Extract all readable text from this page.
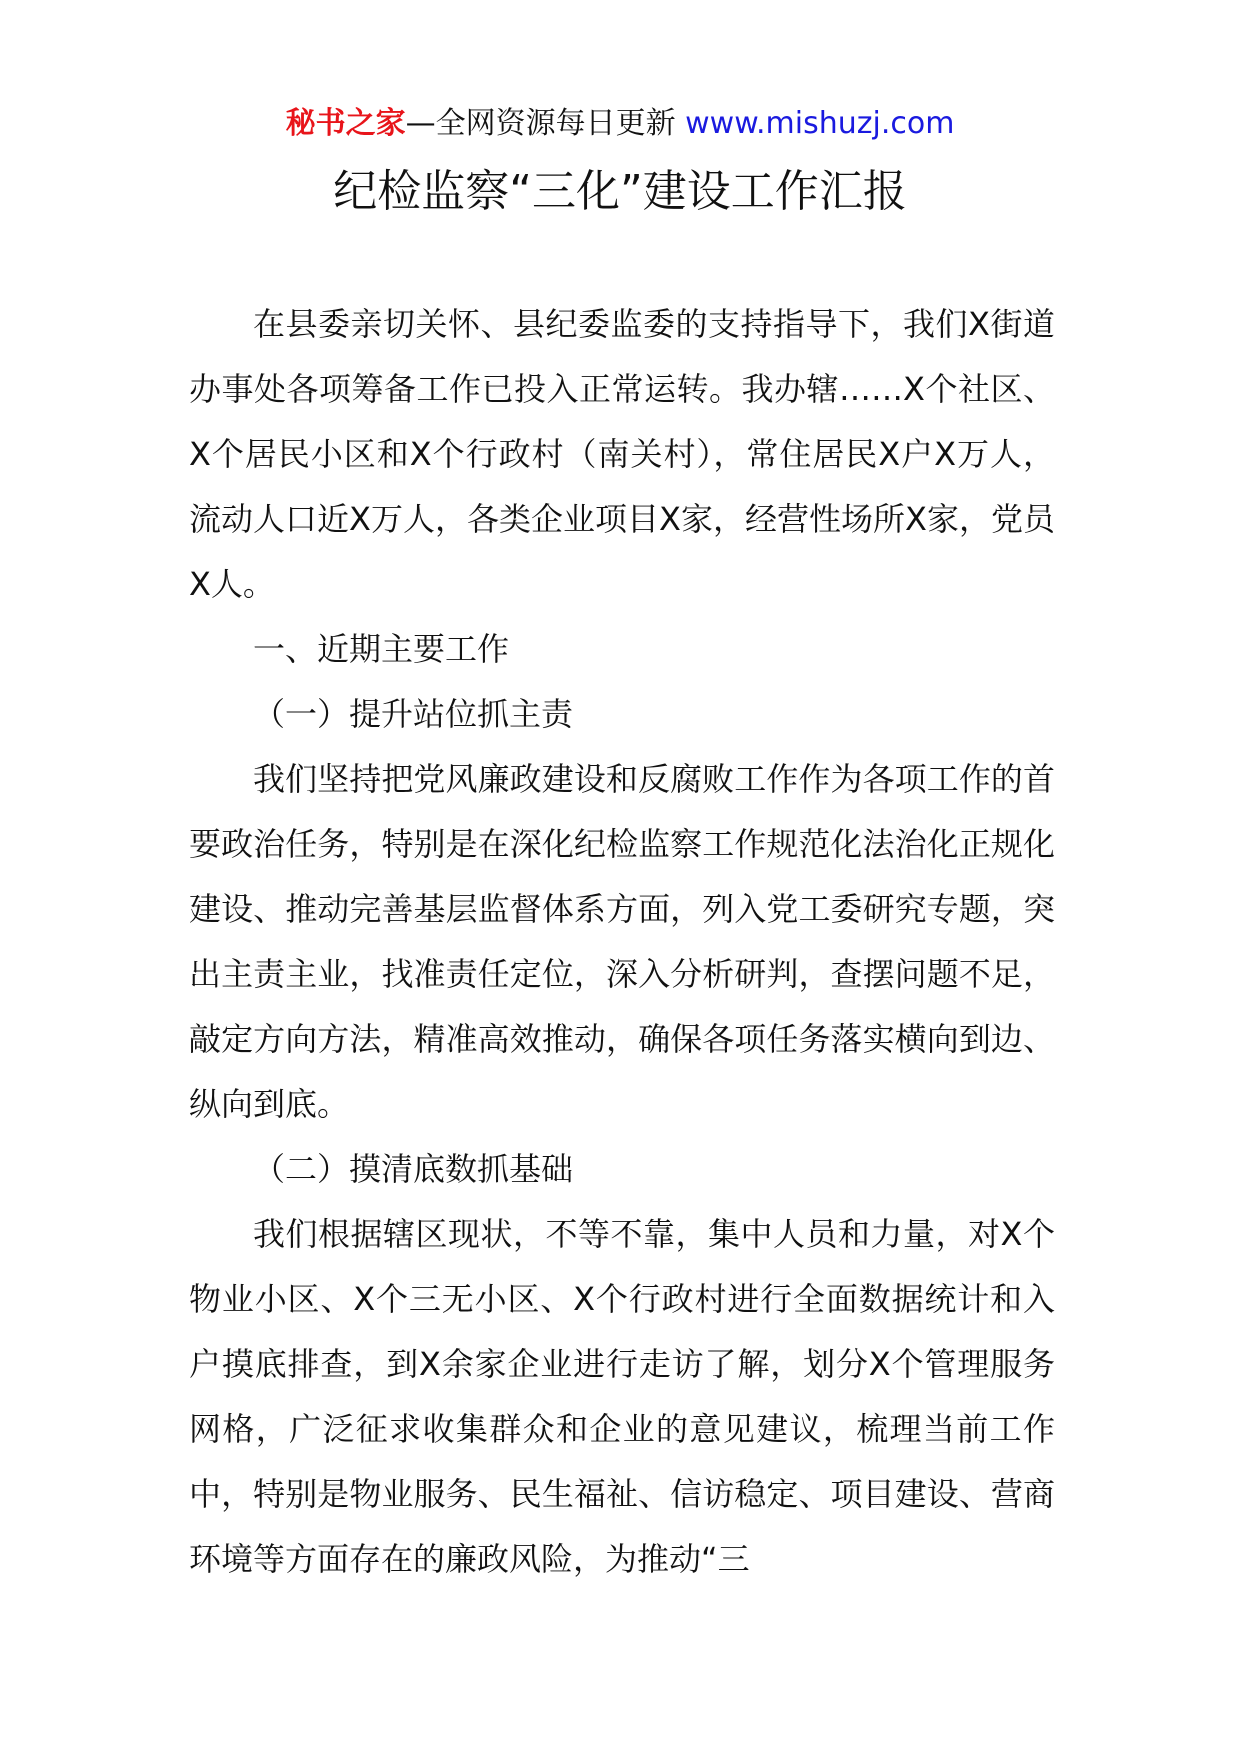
秘书之家—全网资源每日更新 www.mishuzj.com
纪检监察“三化”建设工作汇报

在县委亲切关怀、县纪委监委的支持指导下，我们X街道办事处各项筹备工作已投入正常运转。我办辖……X个社区、X个居民小区和X个行政村（南关村），常住居民X户X万人，流动人口近X万人，各类企业项目X家，经营性场所X家，党员X人。

一、近期主要工作
（一）提升站位抓主责

我们坚持把党风廉政建设和反腐败工作作为各项工作的首要政治任务，特别是在深化纪检监察工作规范化法治化正规化建设、推动完善基层监督体系方面，列入党工委研究专题，突出主责主业，找准责任定位，深入分析研判，查摆问题不足，敲定方向方法，精准高效推动，确保各项任务落实横向到边、纵向到底。

（二）摸清底数抓基础

我们根据辖区现状，不等不靠，集中人员和力量，对X个物业小区、X个三无小区、X个行政村进行全面数据统计和入户摸底排查，到X余家企业进行走访了解，划分X个管理服务网格，广泛征求收集群众和企业的意见建议，梳理当前工作中，特别是物业服务、民生福祉、信访稳定、项目建设、营商环境等方面存在的廉政风险，为推动“三
